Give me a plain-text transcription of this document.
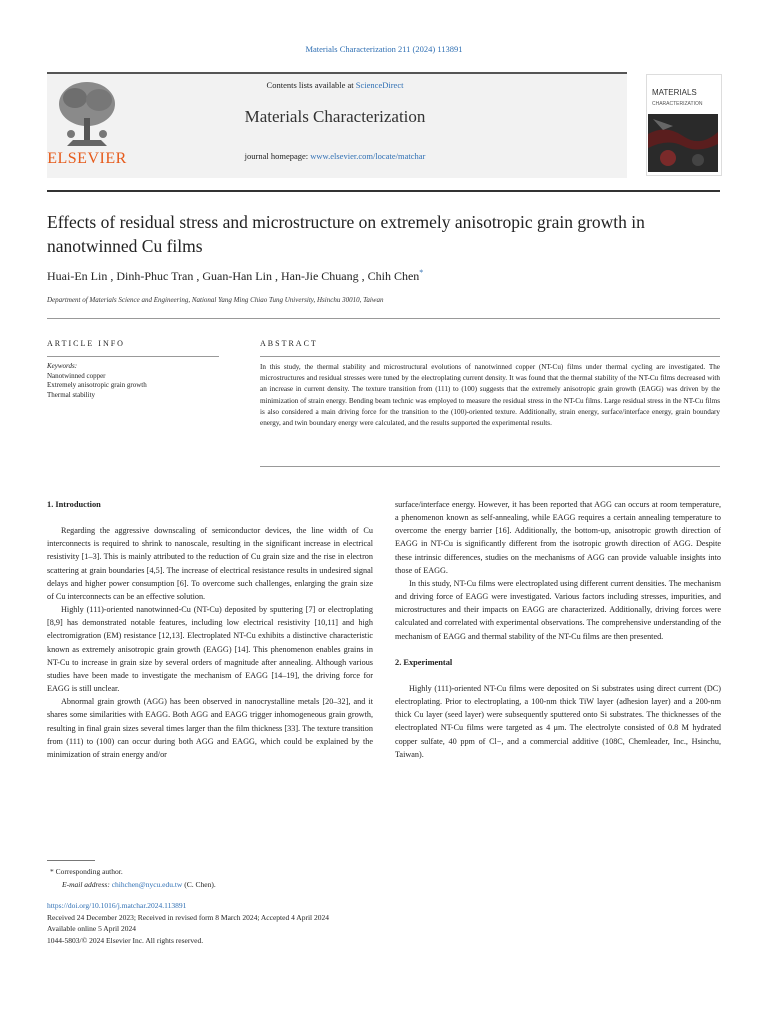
Materials Characterization 211 (2024) 113891
ELSEVIER
Contents lists available at ScienceDirect
Materials Characterization
journal homepage: www.elsevier.com/locate/matchar
MATERIALS
CHARACTERIZATION
Effects of residual stress and microstructure on extremely anisotropic grain growth in nanotwinned Cu films
Huai-En Lin , Dinh-Phuc Tran , Guan-Han Lin , Han-Jie Chuang , Chih Chen*
Department of Materials Science and Engineering, National Yang Ming Chiao Tung University, Hsinchu 30010, Taiwan
ARTICLE INFO
Keywords:
Nanotwinned copper
Extremely anisotropic grain growth
Thermal stability
ABSTRACT
In this study, the thermal stability and microstructural evolutions of nanotwinned copper (NT-Cu) films under thermal cycling are investigated. The microstructures and residual stresses were tuned by the electroplating current density. It was found that the thermal stability of the NT-Cu films decreased with an increase in current density. The texture transition from (111) to (100) suggests that the extremely anisotropic grain growth (EAGG) was driven by the minimization of strain energy. Bending beam technic was employed to measure the residual stress in the NT-Cu films. Large residual stress in the NT-Cu films is also considered a main driving force for the transition to the (100)-oriented texture. Additionally, strain energy, surface/interface energy, grain boundary energy, and twin boundary energy were calculated, and the results supported the experimental results.
1. Introduction

Regarding the aggressive downscaling of semiconductor devices, the line width of Cu interconnects is required to shrink to nanoscale, resulting in the significant increase in electrical resistivity [1–3]. This is mainly attributed to the reduction of Cu grain size and the rise in electron scattering at grain boundaries [4,5]. The increase of electrical resistance results in undesired signal delays and higher power consumption [6]. To overcome such challenges, enlarging the grain size of Cu interconnects can be an effective solution.

Highly (111)-oriented nanotwinned-Cu (NT-Cu) deposited by sputtering [7] or electroplating [8,9] has demonstrated notable features, including low electrical resistivity [10,11] and high electromigration (EM) resistance [12,13]. Electroplated NT-Cu exhibits a distinctive characteristic known as extremely anisotropic grain growth (EAGG) [14]. This phenomenon enables grains in NT-Cu to increase in grain size by several orders of magnitude after annealing. Although various studies have been made to investigate the mechanism of EAGG [14–19], the driving force for EAGG is still unclear.

Abnormal grain growth (AGG) has been observed in nanocrystalline metals [20–32], and it shares some similarities with EAGG. Both AGG and EAGG trigger inhomogeneous grain growth, resulting in final grain sizes several times larger than the film thickness [33]. The texture transition from (111) to (100) can occur during both AGG and EAGG, which could be explained by the minimization of strain energy and/or

surface/interface energy. However, it has been reported that AGG can occurs at room temperature, a phenomenon known as self-annealing, while EAGG requires a certain annealing temperature to overcome the energy barrier [16]. Additionally, the bottom-up, anisotropic growth direction of EAGG in NT-Cu is significantly different from the isotropic growth direction of AGG. Despite these intrinsic differences, studies on the mechanisms of AGG can provide valuable insights into those of EAGG.

In this study, NT-Cu films were electroplated using different current densities. The mechanism and driving force of EAGG were investigated. Various factors including stresses, impurities, and microstructures and their impacts on EAGG are characterized. Additionally, driving forces were calculated and correlated with experimental observations. The comprehensive understanding of the mechanism of EAGG and thermal stability of the NT-Cu films are then presented.

2. Experimental

Highly (111)-oriented NT-Cu films were deposited on Si substrates using direct current (DC) electroplating. Prior to electroplating, a 100-nm thick TiW layer (adhesion layer) and a 200-nm thick Cu layer (seed layer) were subsequently sputtered onto Si substrates. The thicknesses of the electroplated NT-Cu films were targeted as 4 μm. The electrolyte consisted of 0.8 M hydrated copper sulfate, 40 ppm of Cl−, and a commercial additive (108C, Chemleader, Inc., Hsinchu, Taiwan).

* Corresponding author.
E-mail address: chihchen@nycu.edu.tw (C. Chen).
https://doi.org/10.1016/j.matchar.2024.113891
Received 24 December 2023; Received in revised form 8 March 2024; Accepted 4 April 2024
Available online 5 April 2024
1044-5803/© 2024 Elsevier Inc. All rights reserved.
